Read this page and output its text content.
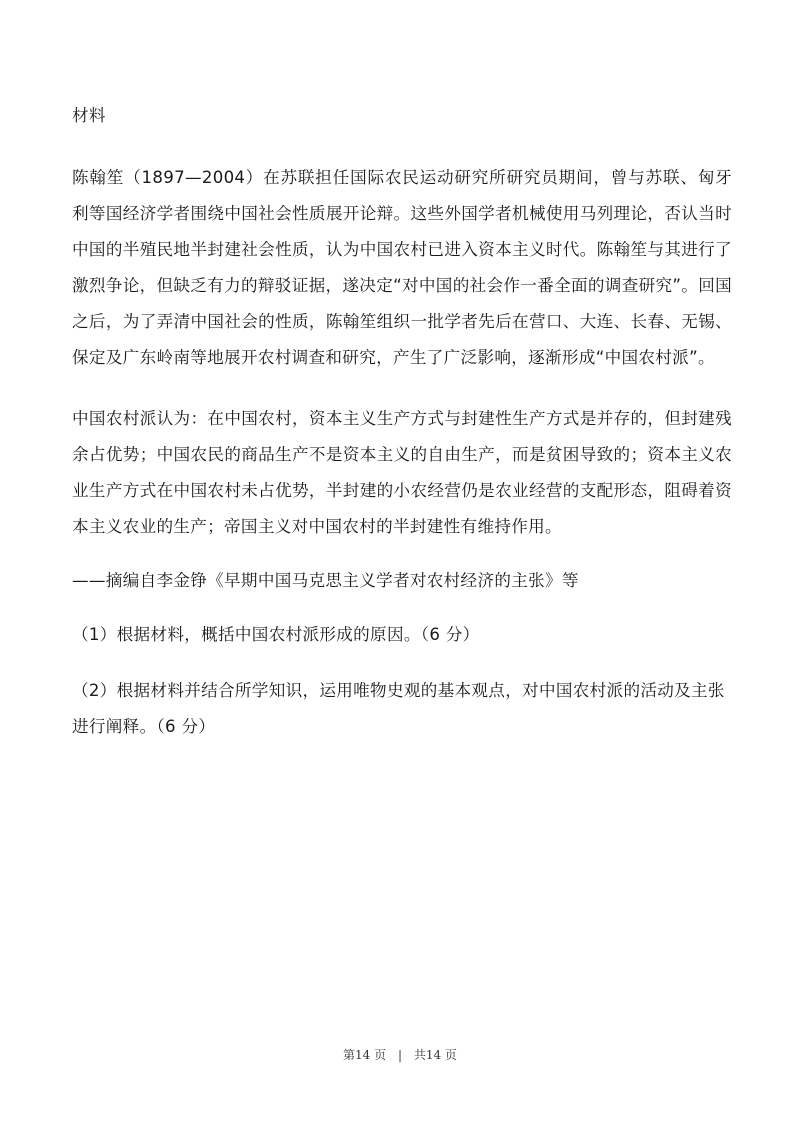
材料

陈翰笙（1897—2004）在苏联担任国际农民运动研究所研究员期间，曾与苏联、匈牙利等国经济学者围绕中国社会性质展开论辩。这些外国学者机械使用马列理论，否认当时中国的半殖民地半封建社会性质，认为中国农村已进入资本主义时代。陈翰笙与其进行了激烈争论，但缺乏有力的辩驳证据，遂决定“对中国的社会作一番全面的调查研究”。回国之后，为了弄清中国社会的性质，陈翰笙组织一批学者先后在营口、大连、长春、无锡、保定及广东岭南等地展开农村调查和研究，产生了广泛影响，逐渐形成“中国农村派”。

中国农村派认为：在中国农村，资本主义生产方式与封建性生产方式是并存的，但封建残余占优势；中国农民的商品生产不是资本主义的自由生产，而是贫困导致的；资本主义农业生产方式在中国农村未占优势，半封建的小农经营仍是农业经营的支配形态，阻碍着资本主义农业的生产；帝国主义对中国农村的半封建性有维持作用。

——摘编自李金铮《早期中国马克思主义学者对农村经济的主张》等
（1）根据材料，概括中国农村派形成的原因。（6 分）
（2）根据材料并结合所学知识，运用唯物史观的基本观点，对中国农村派的活动及主张进行阐释。（6 分）
第14 页 | 共14 页
